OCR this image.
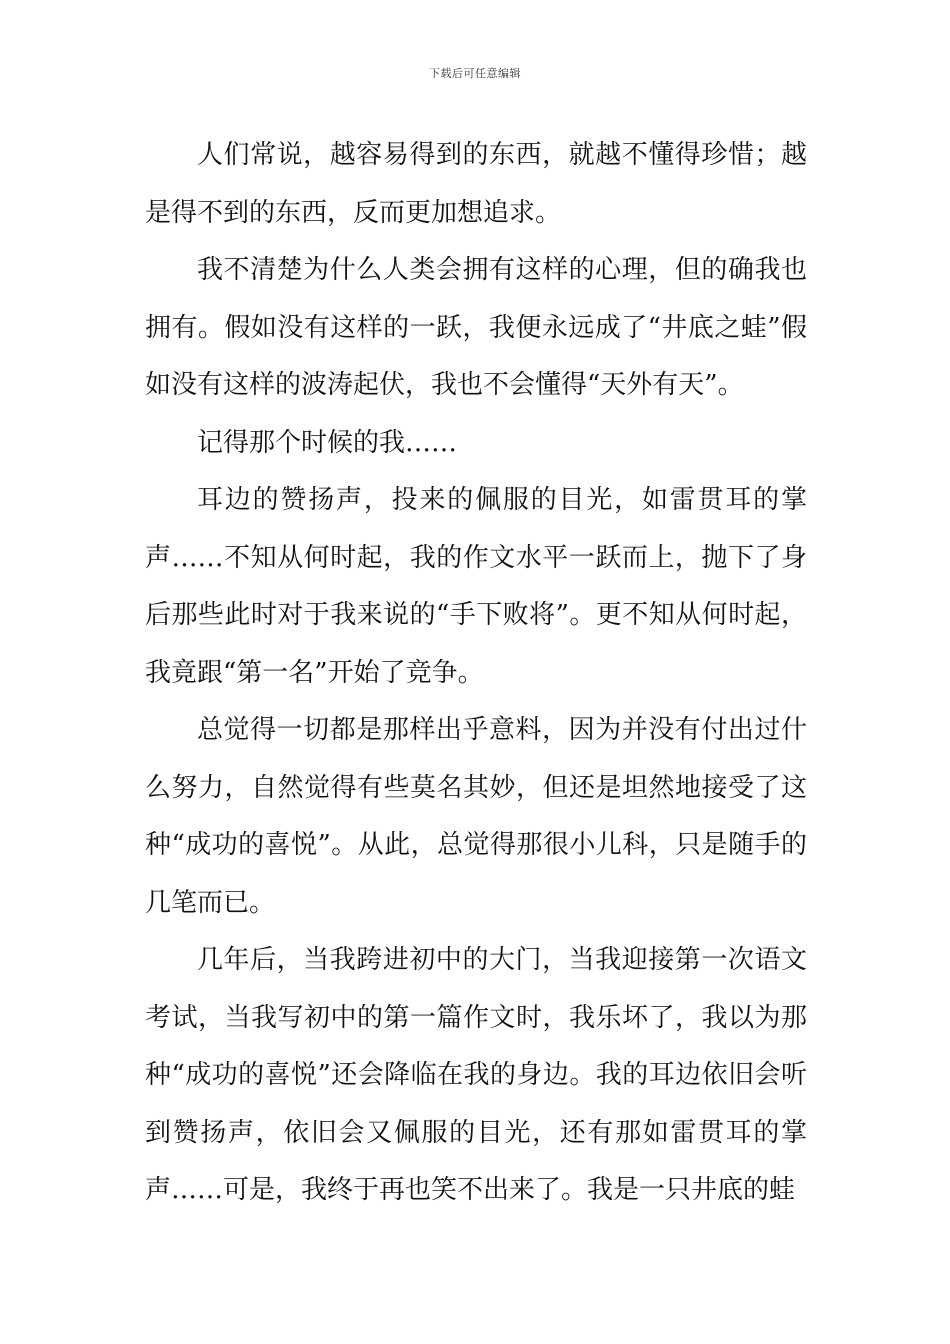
下载后可任意编辑

人们常说，越容易得到的东西，就越不懂得珍惜；越是得不到的东西，反而更加想追求。

我不清楚为什么人类会拥有这样的心理，但的确我也拥有。假如没有这样的一跃，我便永远成了“井底之蛙”假如没有这样的波涛起伏，我也不会懂得“天外有天”。

记得那个时候的我……

耳边的赞扬声，投来的佩服的目光，如雷贯耳的掌声……不知从何时起，我的作文水平一跃而上，抛下了身后那些此时对于我来说的“手下败将”。更不知从何时起，我竟跟“第一名”开始了竞争。

总觉得一切都是那样出乎意料，因为并没有付出过什么努力，自然觉得有些莫名其妙，但还是坦然地接受了这种“成功的喜悦”。从此，总觉得那很小儿科，只是随手的几笔而已。

几年后，当我跨进初中的大门，当我迎接第一次语文考试，当我写初中的第一篇作文时，我乐坏了，我以为那种“成功的喜悦”还会降临在我的身边。我的耳边依旧会听到赞扬声，依旧会又佩服的目光，还有那如雷贯耳的掌声……可是，我终于再也笑不出来了。我是一只井底的蛙
